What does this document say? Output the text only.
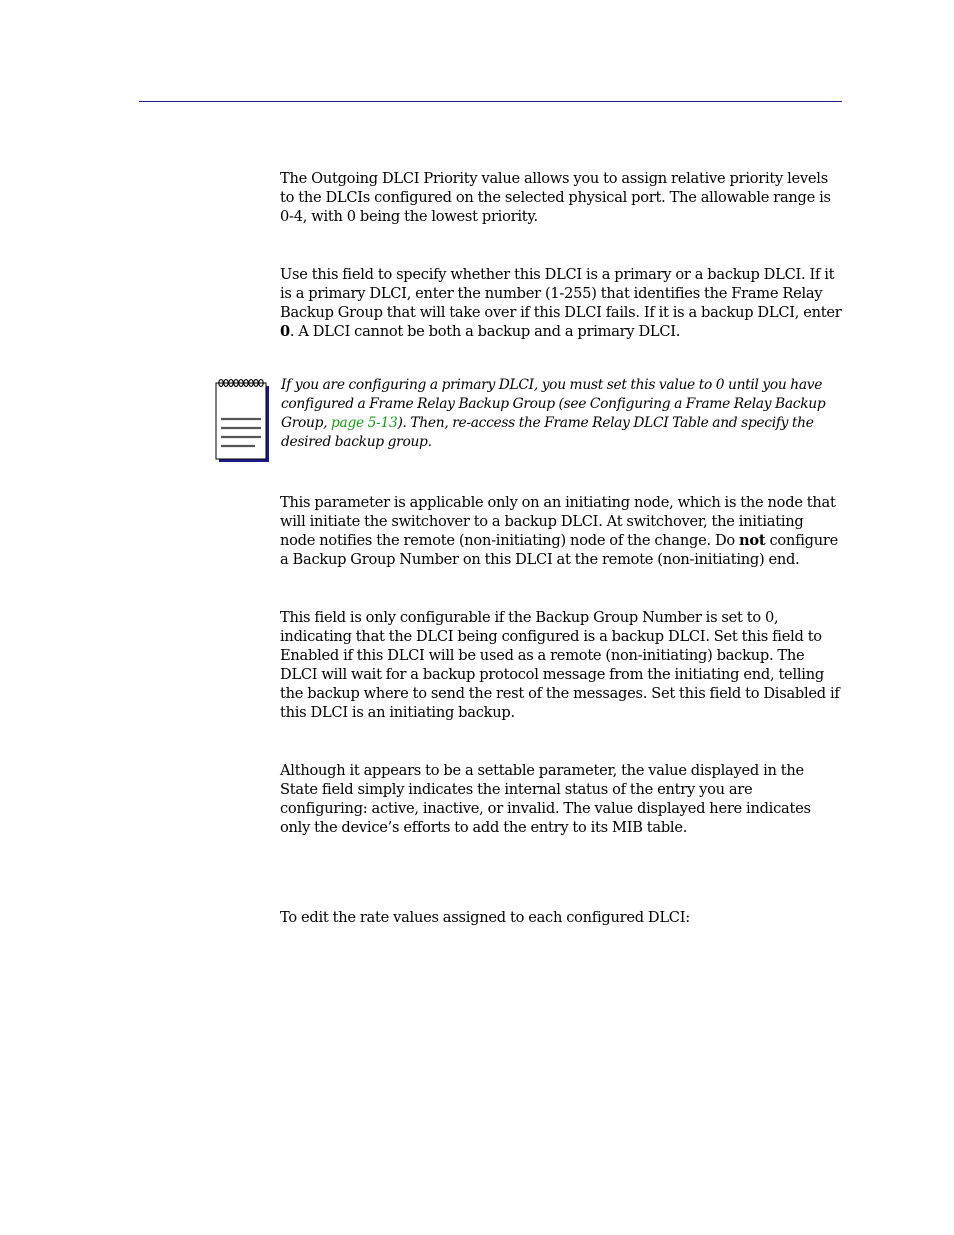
The Outgoing DLCI Priority value allows you to assign relative priority levels to the DLCIs configured on the selected physical port. The allowable range is 0-4, with 0 being the lowest priority.

Use this field to specify whether this DLCI is a primary or a backup DLCI. If it is a primary DLCI, enter the number (1-255) that identifies the Frame Relay Backup Group that will take over if this DLCI fails. If it is a backup DLCI, enter 0. A DLCI cannot be both a backup and a primary DLCI.

If you are configuring a primary DLCI, you must set this value to 0 until you have configured a Frame Relay Backup Group (see Configuring a Frame Relay Backup Group, page 5-13). Then, re-access the Frame Relay DLCI Table and specify the desired backup group.

This parameter is applicable only on an initiating node, which is the node that will initiate the switchover to a backup DLCI. At switchover, the initiating node notifies the remote (non-initiating) node of the change. Do not configure a Backup Group Number on this DLCI at the remote (non-initiating) end.

This field is only configurable if the Backup Group Number is set to 0, indicating that the DLCI being configured is a backup DLCI. Set this field to Enabled if this DLCI will be used as a remote (non-initiating) backup. The DLCI will wait for a backup protocol message from the initiating end, telling the backup where to send the rest of the messages. Set this field to Disabled if this DLCI is an initiating backup.

Although it appears to be a settable parameter, the value displayed in the State field simply indicates the internal status of the entry you are configuring: active, inactive, or invalid. The value displayed here indicates only the device’s efforts to add the entry to its MIB table.

To edit the rate values assigned to each configured DLCI:
